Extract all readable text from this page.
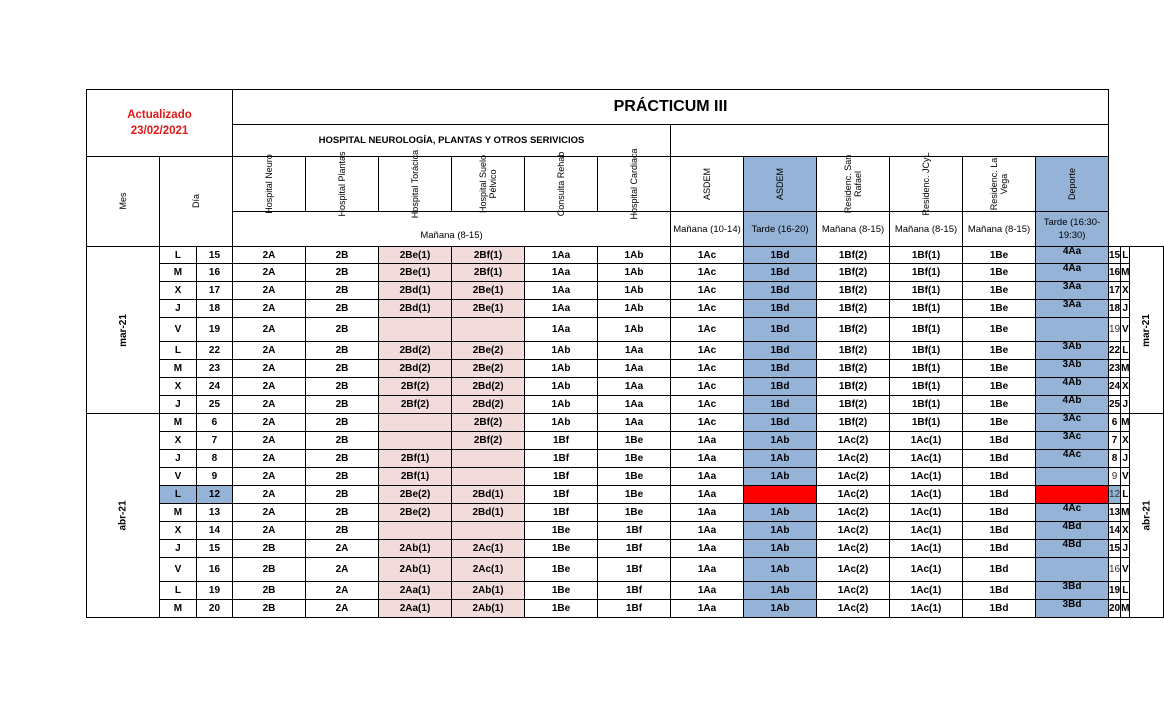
Actualizado
23/02/2021			PRÁCTICUM III														
			HOSPITAL NEUROLOGÍA, PLANTAS Y OTROS SERIVICIOS														
Mes	Día		Hospital Neuro	Hospital Plantas	Hospital Torácica	Hospital Suelo Pélvico	Consulta Rehab	Hospital Cardiaca	ASDEM	ASDEM	Residenc. San Rafael	Residenc. JCyL	Residenc. La Vega	Deporte			
			Mañana (8-15)						Mañana (10-14)	Tarde (16-20)	Mañana (8-15)	Mañana (8-15)	Mañana (8-15)	Tarde (16:30-19:30)			
mar-21	L	15	2A	2B	2Be(1)	2Bf(1)	1Aa	1Ab	1Ac	1Bd	1Bf(2)	1Bf(1)	1Be	4Aa	15	L	mar-21
	M	16	2A	2B	2Be(1)	2Bf(1)	1Aa	1Ab	1Ac	1Bd	1Bf(2)	1Bf(1)	1Be	4Aa	16	M	
	X	17	2A	2B	2Bd(1)	2Be(1)	1Aa	1Ab	1Ac	1Bd	1Bf(2)	1Bf(1)	1Be	3Aa	17	X	
	J	18	2A	2B	2Bd(1)	2Be(1)	1Aa	1Ab	1Ac	1Bd	1Bf(2)	1Bf(1)	1Be	3Aa	18	J	
	V	19	2A	2B			1Aa	1Ab	1Ac	1Bd	1Bf(2)	1Bf(1)	1Be		19	V	
	L	22	2A	2B	2Bd(2)	2Be(2)	1Ab	1Aa	1Ac	1Bd	1Bf(2)	1Bf(1)	1Be	3Ab	22	L	
	M	23	2A	2B	2Bd(2)	2Be(2)	1Ab	1Aa	1Ac	1Bd	1Bf(2)	1Bf(1)	1Be	3Ab	23	M	
	X	24	2A	2B	2Bf(2)	2Bd(2)	1Ab	1Aa	1Ac	1Bd	1Bf(2)	1Bf(1)	1Be	4Ab	24	X	
	J	25	2A	2B	2Bf(2)	2Bd(2)	1Ab	1Aa	1Ac	1Bd	1Bf(2)	1Bf(1)	1Be	4Ab	25	J	
abr-21	M	6	2A	2B		2Bf(2)	1Ab	1Aa	1Ac	1Bd	1Bf(2)	1Bf(1)	1Be	3Ac	6	M	abr-21
	X	7	2A	2B		2Bf(2)	1Bf	1Be	1Aa	1Ab	1Ac(2)	1Ac(1)	1Bd	3Ac	7	X	
	J	8	2A	2B	2Bf(1)		1Bf	1Be	1Aa	1Ab	1Ac(2)	1Ac(1)	1Bd	4Ac	8	J	
	V	9	2A	2B	2Bf(1)		1Bf	1Be	1Aa	1Ab	1Ac(2)	1Ac(1)	1Bd		9	V	
	L	12	2A	2B	2Be(2)	2Bd(1)	1Bf	1Be	1Aa		1Ac(2)	1Ac(1)	1Bd		12	L	
	M	13	2A	2B	2Be(2)	2Bd(1)	1Bf	1Be	1Aa	1Ab	1Ac(2)	1Ac(1)	1Bd	4Ac	13	M	
	X	14	2A	2B			1Be	1Bf	1Aa	1Ab	1Ac(2)	1Ac(1)	1Bd	4Bd	14	X	
	J	15	2B	2A	2Ab(1)	2Ac(1)	1Be	1Bf	1Aa	1Ab	1Ac(2)	1Ac(1)	1Bd	4Bd	15	J	
	V	16	2B	2A	2Ab(1)	2Ac(1)	1Be	1Bf	1Aa	1Ab	1Ac(2)	1Ac(1)	1Bd		16	V	
	L	19	2B	2A	2Aa(1)	2Ab(1)	1Be	1Bf	1Aa	1Ab	1Ac(2)	1Ac(1)	1Bd	3Bd	19	L	
	M	20	2B	2A	2Aa(1)	2Ab(1)	1Be	1Bf	1Aa	1Ab	1Ac(2)	1Ac(1)	1Bd	3Bd	20	M	
